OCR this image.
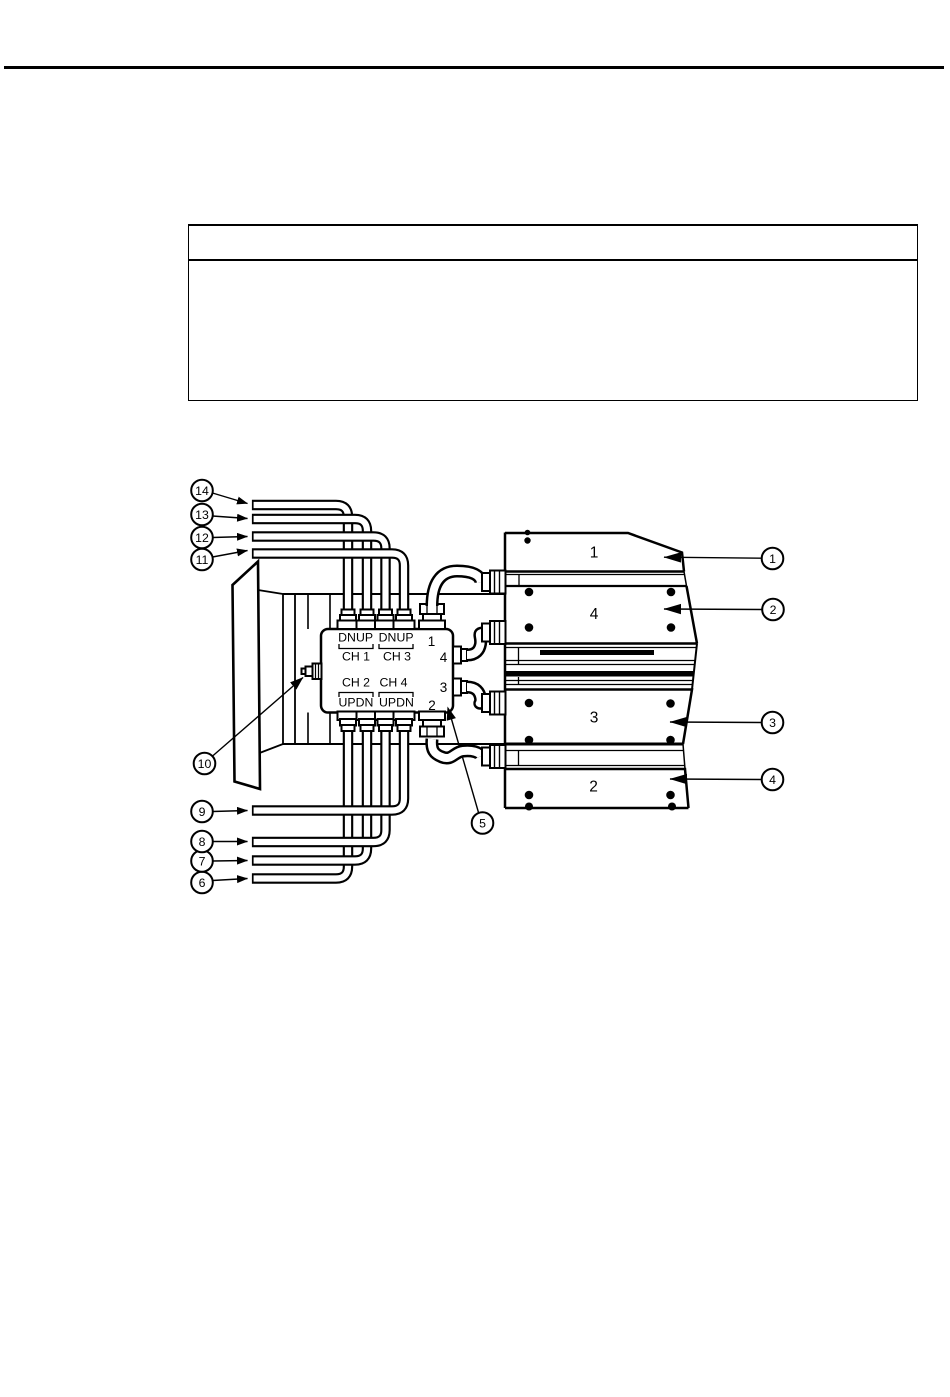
1
4
3
2
DN UP DN UP
CH 1 CH 3
CH 2 CH 4
UP DN UP DN
1
4
3
2
1
2
3
4
5
6
7
8
9
10
11
12
13
14
